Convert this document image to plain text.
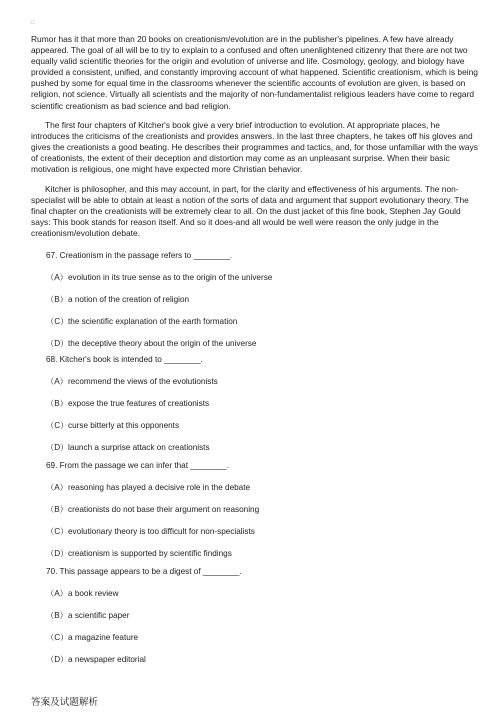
□

Rumor has it that more than 20 books on creationism/evolution are in the publisher's pipelines. A few have already appeared. The goal of all will be to try to explain to a confused and often unenlightened citizenry that there are not two equally valid scientific theories for the origin and evolution of universe and life. Cosmology, geology, and biology have provided a consistent, unified, and constantly improving account of what happened. Scientific creationism, which is being pushed by some for equal time in the classrooms whenever the scientific accounts of evolution are given, is based on religion, not science. Virtually all scientists and the majority of non-fundamentalist religious leaders have come to regard scientific creationism as bad science and bad religion.

The first four chapters of Kitcher's book give a very brief introduction to evolution. At appropriate places, he introduces the criticisms of the creationists and provides answers. In the last three chapters, he takes off his gloves and gives the creationists a good beating. He describes their programmes and tactics, and, for those unfamiliar with the ways of creationists, the extent of their deception and distortion may come as an unpleasant surprise. When their basic motivation is religious, one might have expected more Christian behavior.

Kitcher is philosopher, and this may account, in part, for the clarity and effectiveness of his arguments. The non-specialist will be able to obtain at least a notion of the sorts of data and argument that support evolutionary theory. The final chapter on the creationists will be extremely clear to all. On the dust jacket of this fine book, Stephen Jay Gould says: This book stands for reason itself. And so it does-and all would be well were reason the only judge in the creationism/evolution debate.

67. Creationism in the passage refers to ________.

（A）evolution in its true sense as to the origin of the universe

（B）a notion of the creation of religion

（C）the scientific explanation of the earth formation

（D）the deceptive theory about the origin of the universe

68. Kitcher's book is intended to ________.

（A）recommend the views of the evolutionists

（B）expose the true features of creationists

（C）curse bitterly at this opponents

（D）launch a surprise attack on creationists

69. From the passage we can infer that ________.

（A）reasoning has played a decisive role in the debate

（B）creationists do not base their argument on reasoning

（C）evolutionary theory is too difficult for non-specialists

（D）creationism is supported by scientific findings

70. This passage appears to be a digest of ________.

（A）a book review

（B）a scientific paper

（C）a magazine feature

（D）a newspaper editorial

答案及试题解析
